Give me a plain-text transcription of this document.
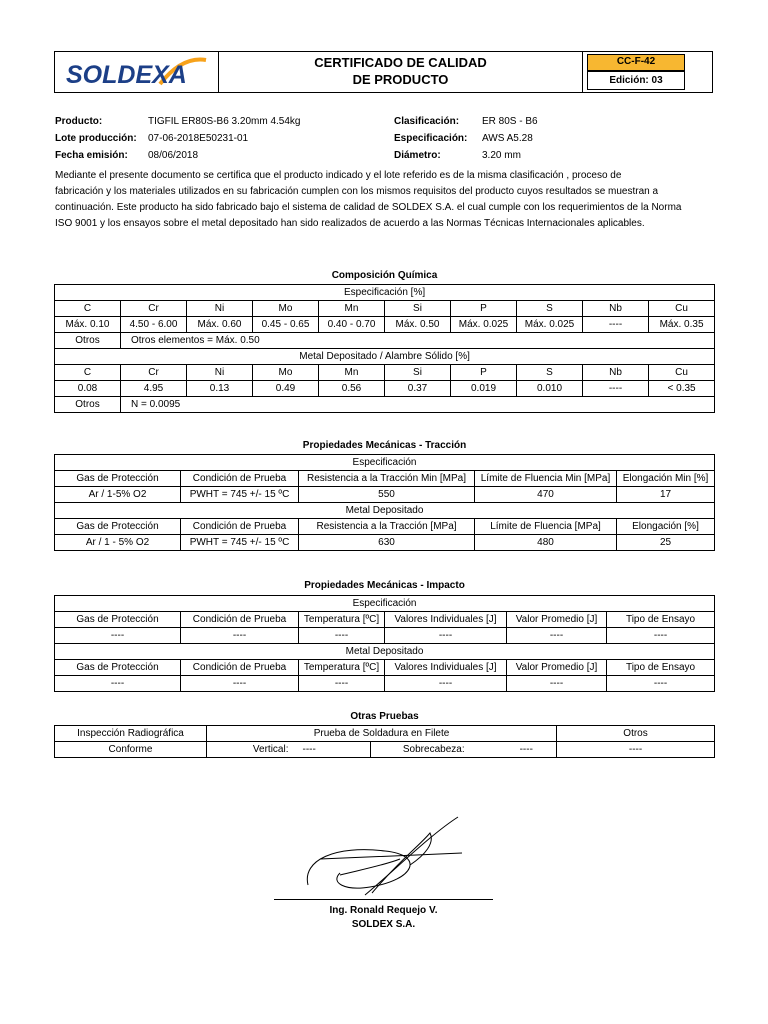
SOLDEXA	CERTIFICADO DE CALIDAD
DE PRODUCTO
CC-F-42
Edición: 03
Producto:	TIGFIL ER80S-B6 3.20mm 4.54kg
Lote producción: 07-06-2018E50231-01
Fecha emisión: 08/06/2018
Clasificación: ER 80S - B6
Especificación: AWS A5.28
Diámetro:	3.20 mm
Mediante el presente documento se certifica que el producto indicado y el lote referido es de la misma clasificación , proceso de
fabricación y los materiales utilizados en su fabricación cumplen con los mismos requisitos del producto cuyos resultados se muestran a
continuación. Este producto ha sido fabricado bajo el sistema de calidad de SOLDEX S.A. el cual cumple con los requerimientos de la Norma
ISO 9001 y los ensayos sobre el metal depositado han sido realizados de acuerdo a las Normas Técnicas Internacionales aplicables.
Composición Química
Especificación [%]									
C	Cr	Ni	Mo	Mn	Si	P	S	Nb	Cu
Máx. 0.10	4.50 - 6.00	Máx. 0.60	0.45 - 0.65	0.40 - 0.70	Máx. 0.50	Máx. 0.025	Máx. 0.025	----	Máx. 0.35
Otros	Otros elementos = Máx. 0.50								
Metal Depositado / Alambre Sólido [%]									
C	Cr	Ni	Mo	Mn	Si	P	S	Nb	Cu
0.08	4.95	0.13	0.49	0.56	0.37	0.019	0.010	----	< 0.35
Otros	N = 0.0095								
Propiedades Mecánicas - Tracción
Especificación				
Gas de Protección	Condición de Prueba	Resistencia a la Tracción Min [MPa]	Límite de Fluencia Min [MPa]	Elongación Min [%]
Ar / 1-5% O2	PWHT = 745 +/- 15 ºC	550	470	17
Metal Depositado				
Gas de Protección	Condición de Prueba	Resistencia a la Tracción [MPa]	Límite de Fluencia [MPa]	Elongación [%]
Ar / 1 - 5% O2	PWHT = 745 +/- 15 ºC	630	480	25
Propiedades Mecánicas - Impacto
Especificación					
Gas de Protección	Condición de Prueba	Temperatura [ºC]	Valores Individuales [J]	Valor Promedio [J]	Tipo de Ensayo
----	----	----	----	----	----
Metal Depositado					
Gas de Protección	Condición de Prueba	Temperatura [ºC]	Valores Individuales [J]	Valor Promedio [J]	Tipo de Ensayo
----	----	----	----	----	----
Otras Pruebas
Inspección Radiográfica	Prueba de Soldadura en Filete				Otros
Conforme	Vertical:	----	Sobrecabeza:	----	----
Ing. Ronald Requejo V.
SOLDEX S.A.
